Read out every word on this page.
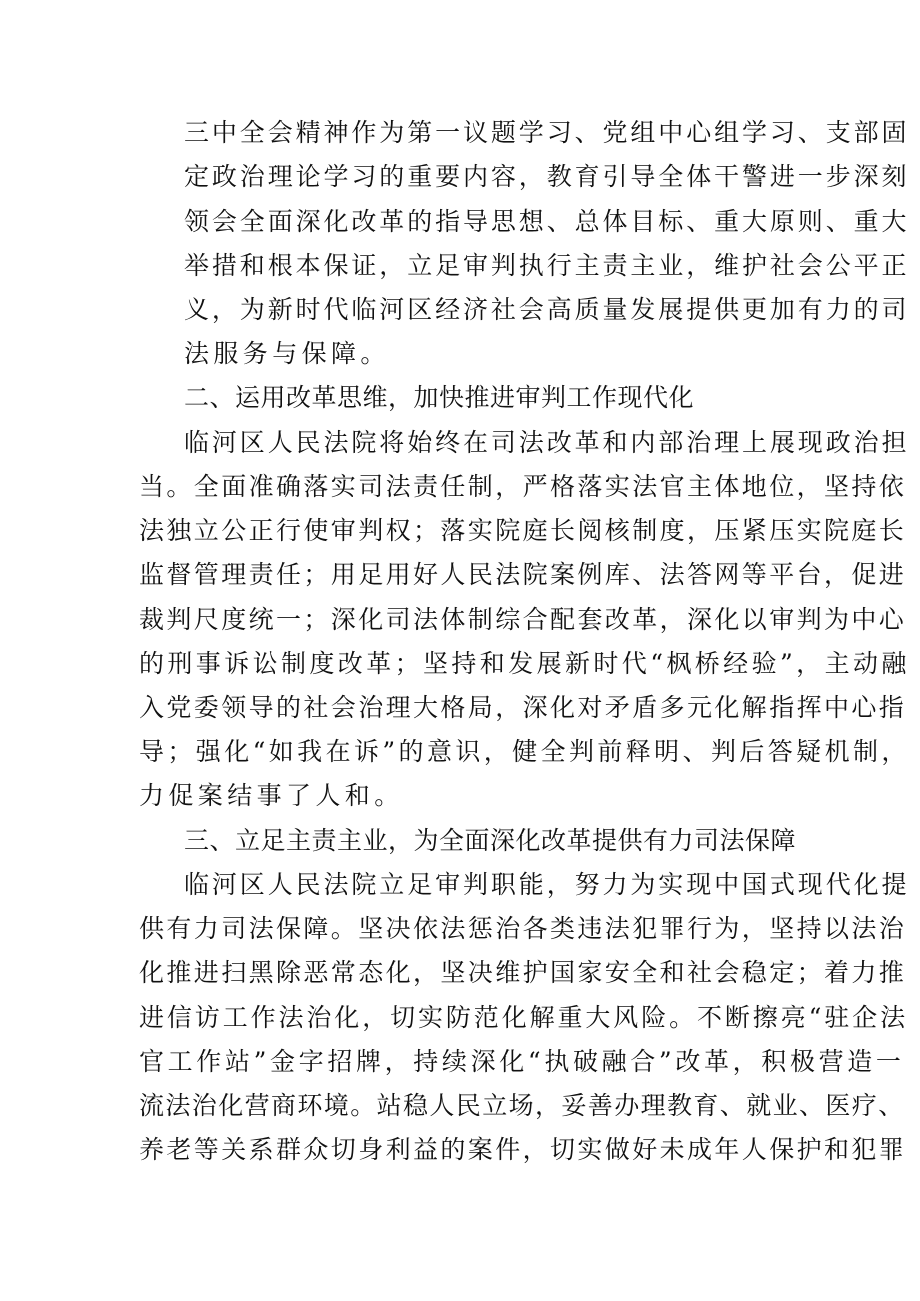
三中全会精神作为第一议题学习、党组中心组学习、支部固
定政治理论学习的重要内容，教育引导全体干警进一步深刻
领会全面深化改革的指导思想、总体目标、重大原则、重大
举措和根本保证，立足审判执行主责主业，维护社会公平正
义，为新时代临河区经济社会高质量发展提供更加有力的司
法服务与保障。
二、运用改革思维，加快推进审判工作现代化
临河区人民法院将始终在司法改革和内部治理上展现政治担
当。全面准确落实司法责任制，严格落实法官主体地位，坚持依
法独立公正行使审判权；落实院庭长阅核制度，压紧压实院庭长
监督管理责任；用足用好人民法院案例库、法答网等平台，促进
裁判尺度统一；深化司法体制综合配套改革，深化以审判为中心
的刑事诉讼制度改革；坚持和发展新时代“枫桥经验”，主动融
入党委领导的社会治理大格局，深化对矛盾多元化解指挥中心指
导；强化“如我在诉”的意识，健全判前释明、判后答疑机制，
力促案结事了人和。
三、立足主责主业，为全面深化改革提供有力司法保障
临河区人民法院立足审判职能，努力为实现中国式现代化提
供有力司法保障。坚决依法惩治各类违法犯罪行为，坚持以法治
化推进扫黑除恶常态化，坚决维护国家安全和社会稳定；着力推
进信访工作法治化，切实防范化解重大风险。不断擦亮“驻企法
官工作站”金字招牌，持续深化“执破融合”改革，积极营造一
流法治化营商环境。站稳人民立场，妥善办理教育、就业、医疗、
养老等关系群众切身利益的案件，切实做好未成年人保护和犯罪
